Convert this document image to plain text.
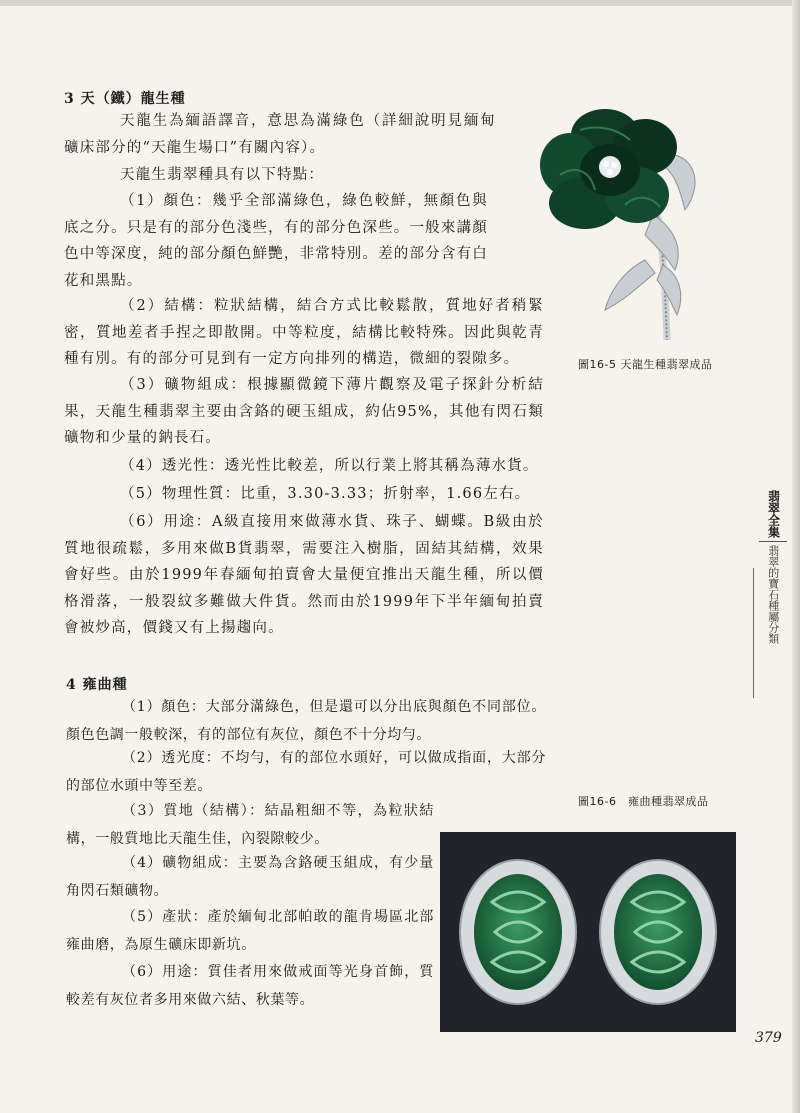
3 天（鐵）龍生種
天龍生為緬語譯音，意思為滿綠色（詳細說明見緬甸礦床部分的“天龍生場口”有關內容）。
天龍生翡翠種具有以下特點：
（1）顏色：幾乎全部滿綠色，綠色較鮮，無顏色與底之分。只是有的部分色淺些，有的部分色深些。一般來講顏色中等深度，純的部分顏色鮮艷，非常特別。差的部分含有白花和黑點。
（2）結構：粒狀結構，結合方式比較鬆散，質地好者稍緊密，質地差者手捏之即散開。中等粒度，結構比較特殊。因此與乾青種有別。有的部分可見到有一定方向排列的構造，微細的裂隙多。
（3）礦物組成：根據顯微鏡下薄片觀察及電子探針分析結果，天龍生種翡翠主要由含鉻的硬玉組成，約佔95%，其他有閃石類礦物和少量的鈉長石。
（4）透光性：透光性比較差，所以行業上將其稱為薄水貨。
（5）物理性質：比重，3.30-3.33；折射率，1.66左右。
（6）用途：A級直接用來做薄水貨、珠子、蝴蝶。B級由於質地很疏鬆，多用來做B貨翡翠，需要注入樹脂，固結其結構，效果會好些。由於1999年春緬甸拍賣會大量便宜推出天龍生種，所以價格滑落，一般裂紋多難做大件貨。然而由於1999年下半年緬甸拍賣會被炒高，價錢又有上揚趨向。
4 雍曲種
（1）顏色：大部分滿綠色，但是還可以分出底與顏色不同部位。顏色色調一般較深，有的部位有灰位，顏色不十分均勻。
（2）透光度：不均勻，有的部位水頭好，可以做成指面，大部分的部位水頭中等至差。
（3）質地（結構）：結晶粗細不等，為粒狀結構，一般質地比天龍生佳，內裂隙較少。
（4）礦物組成：主要為含鉻硬玉組成，有少量角閃石類礦物。
（5）產狀：產於緬甸北部帕敢的龍肯場區北部雍曲磨，為原生礦床即新坑。
（6）用途：質佳者用來做戒面等光身首飾，質較差有灰位者多用來做六結、秋葉等。
圖16-5 天龍生種翡翠成品
圖16-6　雍曲種翡翠成品
翡翠全集
翡翠的寶石種屬分類
379
